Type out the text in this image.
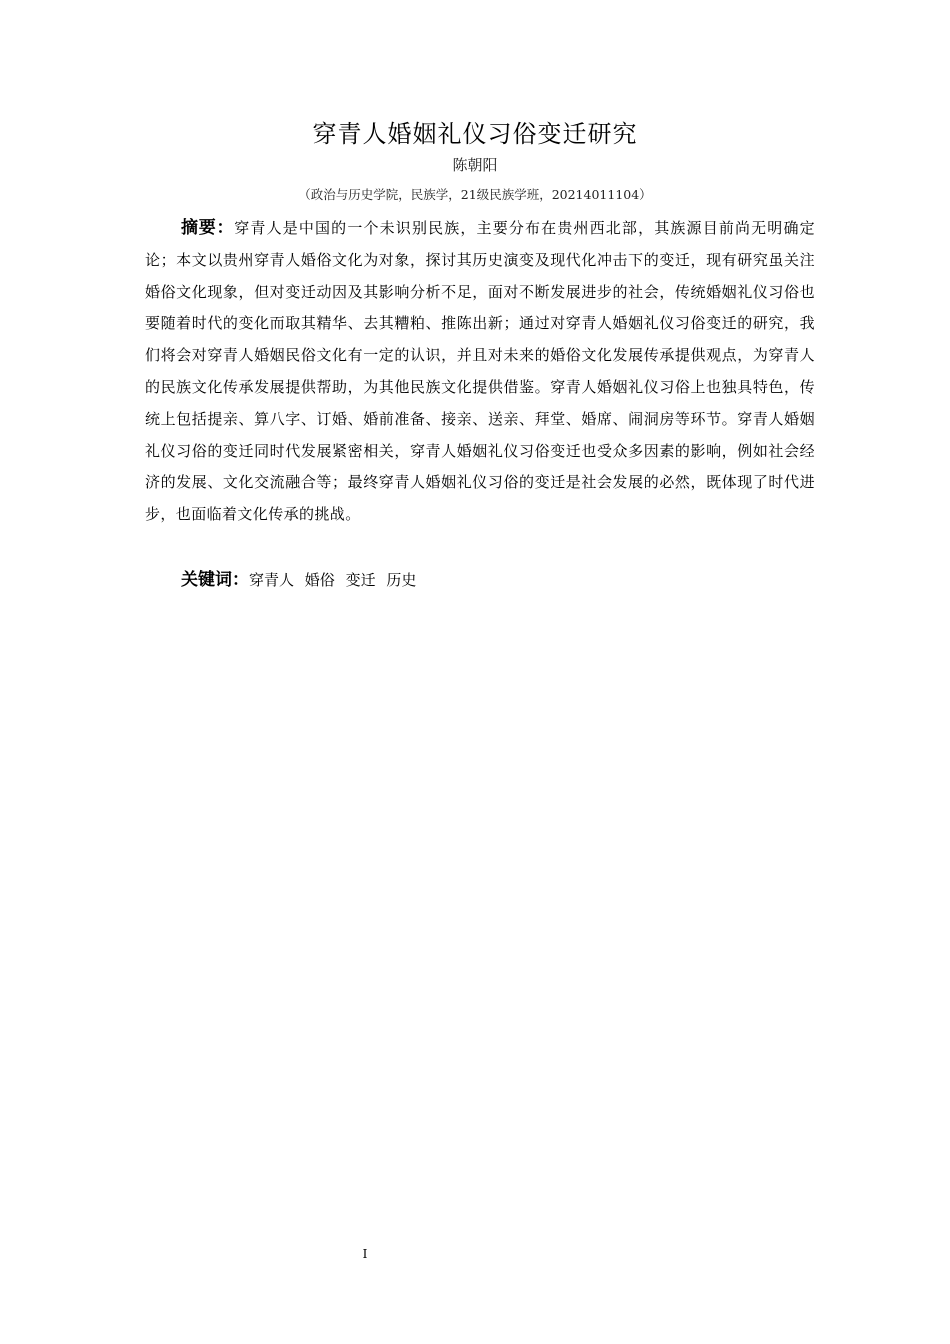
穿青人婚姻礼仪习俗变迁研究
陈朝阳
（政治与历史学院，民族学，21级民族学班，20214011104）

摘要：穿青人是中国的一个未识别民族，主要分布在贵州西北部，其族源目前尚无明确定论；本文以贵州穿青人婚俗文化为对象，探讨其历史演变及现代化冲击下的变迁，现有研究虽关注婚俗文化现象，但对变迁动因及其影响分析不足，面对不断发展进步的社会，传统婚姻礼仪习俗也要随着时代的变化而取其精华、去其糟粕、推陈出新；通过对穿青人婚姻礼仪习俗变迁的研究，我们将会对穿青人婚姻民俗文化有一定的认识，并且对未来的婚俗文化发展传承提供观点，为穿青人的民族文化传承发展提供帮助，为其他民族文化提供借鉴。穿青人婚姻礼仪习俗上也独具特色，传统上包括提亲、算八字、订婚、婚前准备、接亲、送亲、拜堂、婚席、闹洞房等环节。穿青人婚姻礼仪习俗的变迁同时代发展紧密相关，穿青人婚姻礼仪习俗变迁也受众多因素的影响，例如社会经济的发展、文化交流融合等；最终穿青人婚姻礼仪习俗的变迁是社会发展的必然，既体现了时代进步，也面临着文化传承的挑战。

关键词：穿青人 婚俗 变迁 历史

I
